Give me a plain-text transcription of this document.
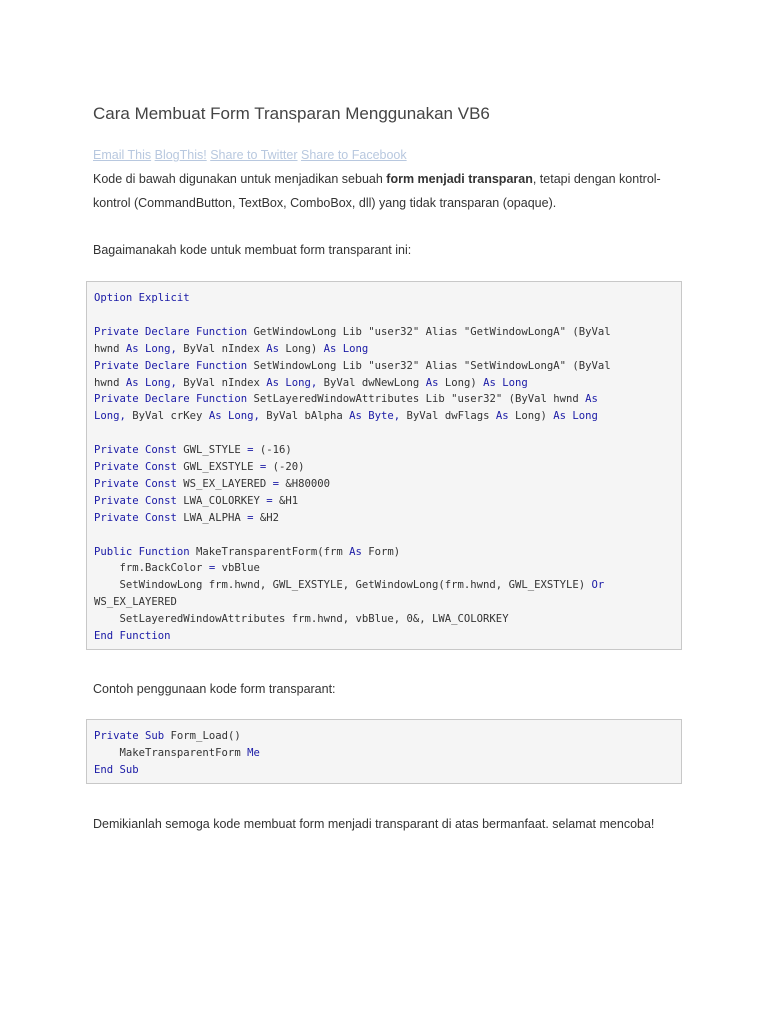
Cara Membuat Form Transparan Menggunakan VB6
Email This BlogThis! Share to Twitter Share to Facebook

Kode di bawah digunakan untuk menjadikan sebuah form menjadi transparan, tetapi dengan kontrol-kontrol (CommandButton, TextBox, ComboBox, dll) yang tidak transparan (opaque).

Bagaimanakah kode untuk membuat form transparant ini:

Option Explicit
Private Declare Function GetWindowLong Lib "user32" Alias "GetWindowLongA" (ByVal
hwnd As Long, ByVal nIndex As Long) As Long
Private Declare Function SetWindowLong Lib "user32" Alias "SetWindowLongA" (ByVal
hwnd As Long, ByVal nIndex As Long, ByVal dwNewLong As Long) As Long
Private Declare Function SetLayeredWindowAttributes Lib "user32" (ByVal hwnd As
Long, ByVal crKey As Long, ByVal bAlpha As Byte, ByVal dwFlags As Long) As Long
Private Const GWL_STYLE = (-16)
Private Const GWL_EXSTYLE = (-20)
Private Const WS_EX_LAYERED = &H80000
Private Const LWA_COLORKEY = &H1
Private Const LWA_ALPHA = &H2
Public Function MakeTransparentForm(frm As Form)
frm.BackColor = vbBlue
SetWindowLong frm.hwnd, GWL_EXSTYLE, GetWindowLong(frm.hwnd, GWL_EXSTYLE) Or
WS_EX_LAYERED
SetLayeredWindowAttributes frm.hwnd, vbBlue, 0&, LWA_COLORKEY
End Function

Contoh penggunaan kode form transparant:

Private Sub Form_Load()
MakeTransparentForm Me
End Sub

Demikianlah semoga kode membuat form menjadi transparant di atas bermanfaat. selamat mencoba!
